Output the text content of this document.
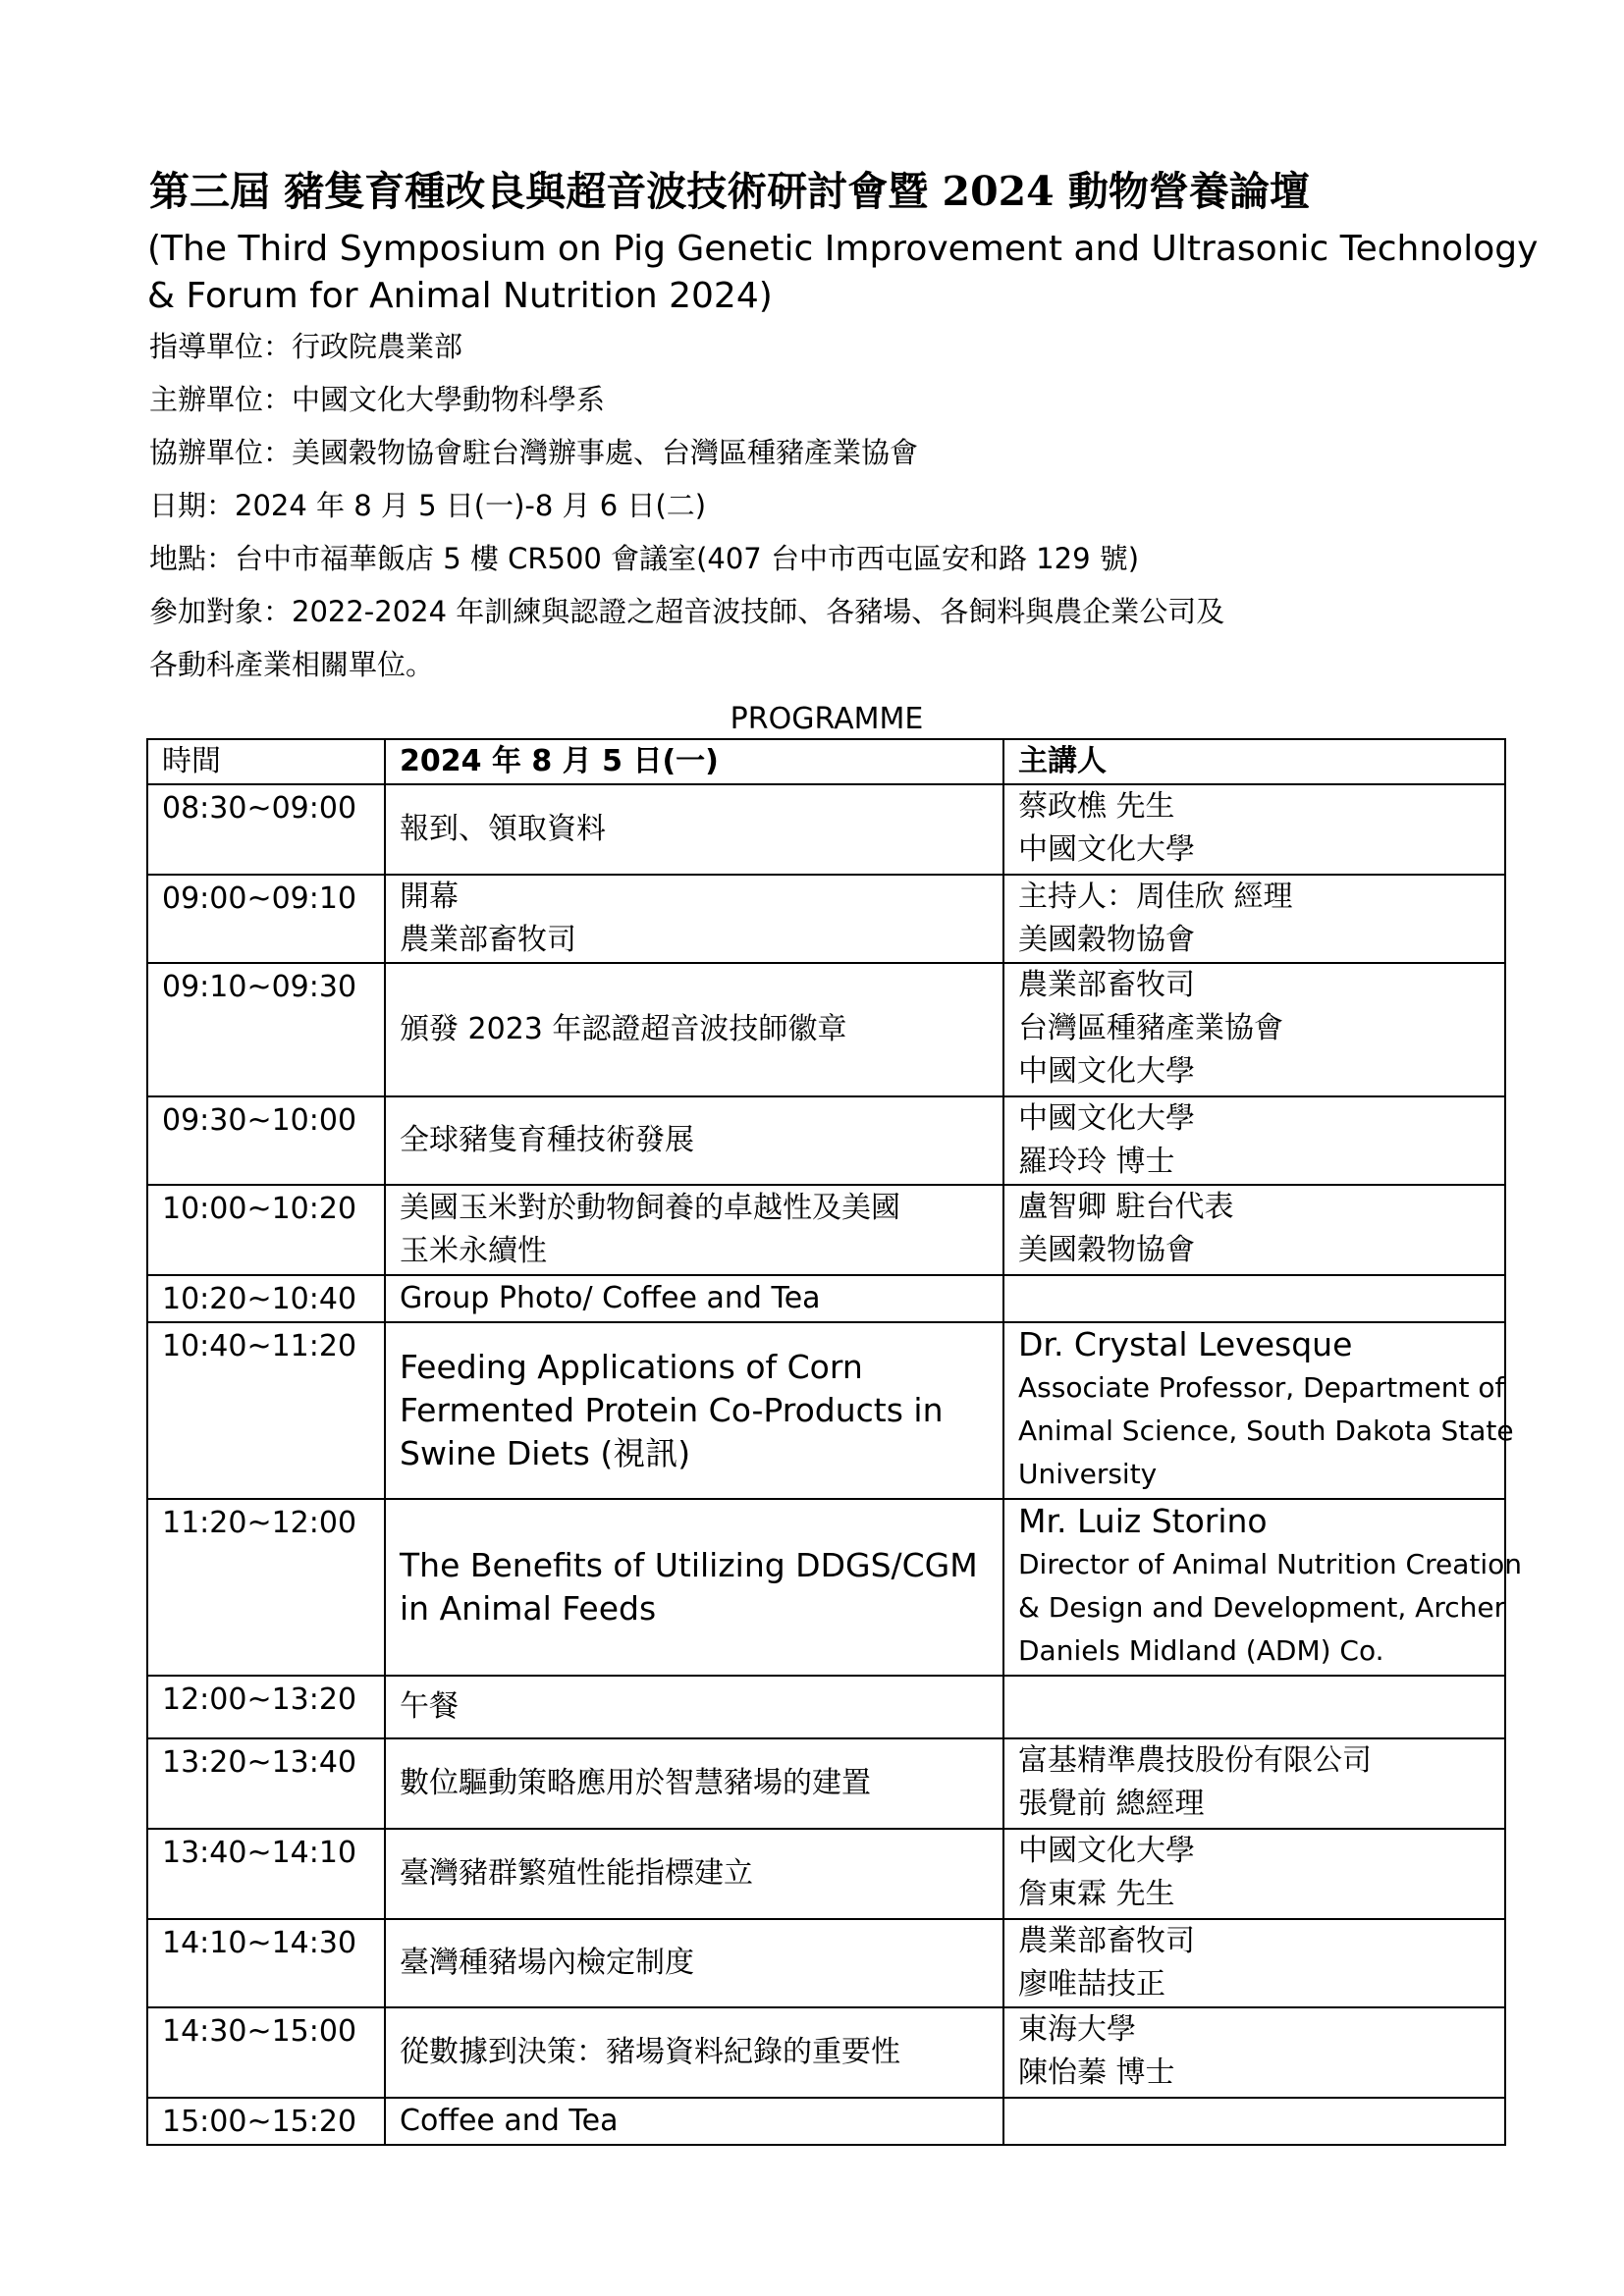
第三屆 豬隻育種改良與超音波技術研討會暨 2024 動物營養論壇
(The Third Symposium on Pig Genetic Improvement and Ultrasonic Technology
& Forum for Animal Nutrition 2024)
指導單位：行政院農業部
主辦單位：中國文化大學動物科學系
協辦單位：美國穀物協會駐台灣辦事處、台灣區種豬產業協會
日期：2024 年 8 月 5 日(一)-8 月 6 日(二)
地點：台中市福華飯店 5 樓 CR500 會議室(407 台中市西屯區安和路 129 號)
參加對象：2022-2024 年訓練與認證之超音波技師、各豬場、各飼料與農企業公司及
各動科產業相關單位。
PROGRAMME
時間	2024 年 8 月 5 日(一)	主講人
08:30~09:00	報到、領取資料	蔡政樵 先生
中國文化大學

09:00~09:10	開幕
農業部畜牧司	主持人：周佳欣 經理
美國穀物協會

09:10~09:30	頒發 2023 年認證超音波技師徽章	農業部畜牧司
台灣區種豬產業協會
中國文化大學

09:30~10:00	全球豬隻育種技術發展	中國文化大學
羅玲玲 博士

10:00~10:20	美國玉米對於動物飼養的卓越性及美國
玉米永續性	盧智卿 駐台代表
美國穀物協會

10:20~10:40	Group Photo/ Coffee and Tea	

10:40~11:20	Feeding Applications of Corn
Fermented Protein Co-Products in
Swine Diets (視訊)	Dr. Crystal Levesque
Associate Professor, Department of
Animal Science, South Dakota State
University

11:20~12:00	The Benefits of Utilizing DDGS/CGM
in Animal Feeds	Mr. Luiz Storino
Director of Animal Nutrition Creation
& Design and Development, Archer
Daniels Midland (ADM) Co.

12:00~13:20	午餐	

13:20~13:40	數位驅動策略應用於智慧豬場的建置	富基精準農技股份有限公司
張覺前 總經理

13:40~14:10	臺灣豬群繁殖性能指標建立	中國文化大學
詹東霖 先生

14:10~14:30	臺灣種豬場內檢定制度	農業部畜牧司
廖唯喆技正

14:30~15:00	從數據到決策：豬場資料紀錄的重要性	東海大學
陳怡蓁 博士

15:00~15:20	Coffee and Tea	
